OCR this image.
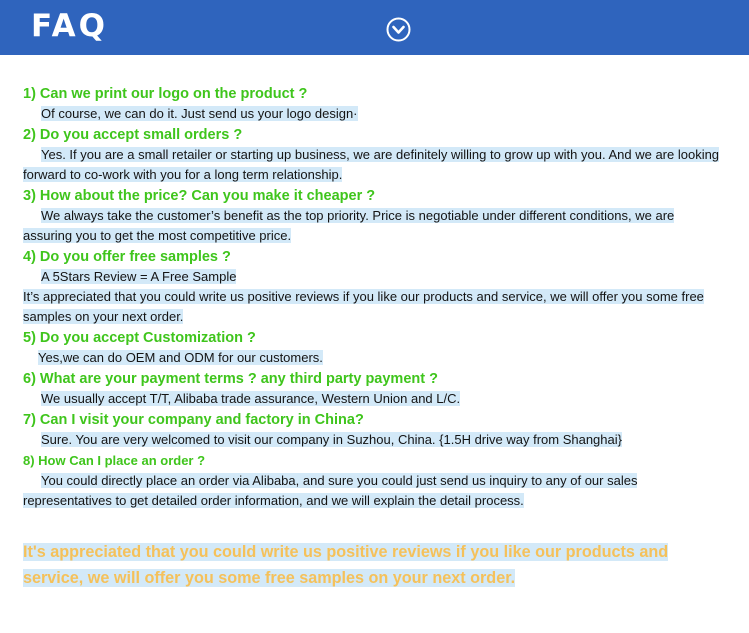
FAQ
1) Can we print our logo on the product ?
Of course, we can do it. Just send us your logo design·
2) Do you accept small orders ?
Yes. If you are a small retailer or starting up business, we are definitely willing to grow up with you. And we are looking forward to co-work with you for a long term relationship.
3) How about the price? Can you make it cheaper ?
We always take the customer’s benefit as the top priority. Price is negotiable under different conditions, we are assuring you to get the most competitive price.
4) Do you offer free samples ?
A 5Stars Review = A Free Sample
It’s appreciated that you could write us positive reviews if you like our products and service, we will offer you some free samples on your next order.
5) Do you accept Customization ?
Yes,we can do OEM and ODM for our customers.
6) What are your payment terms ? any third party payment ?
We usually accept T/T, Alibaba trade assurance, Western Union and L/C.
7) Can I visit your company and factory in China?
Sure. You are very welcomed to visit our company in Suzhou, China. {1.5H drive way from Shanghai}
8) How Can I place an order ?
You could directly place an order via Alibaba, and sure you could just send us inquiry to any of our sales representatives to get detailed order information, and we will explain the detail process.
It's appreciated that you could write us positive reviews if you like our products and service, we will offer you some free samples on your next order.
